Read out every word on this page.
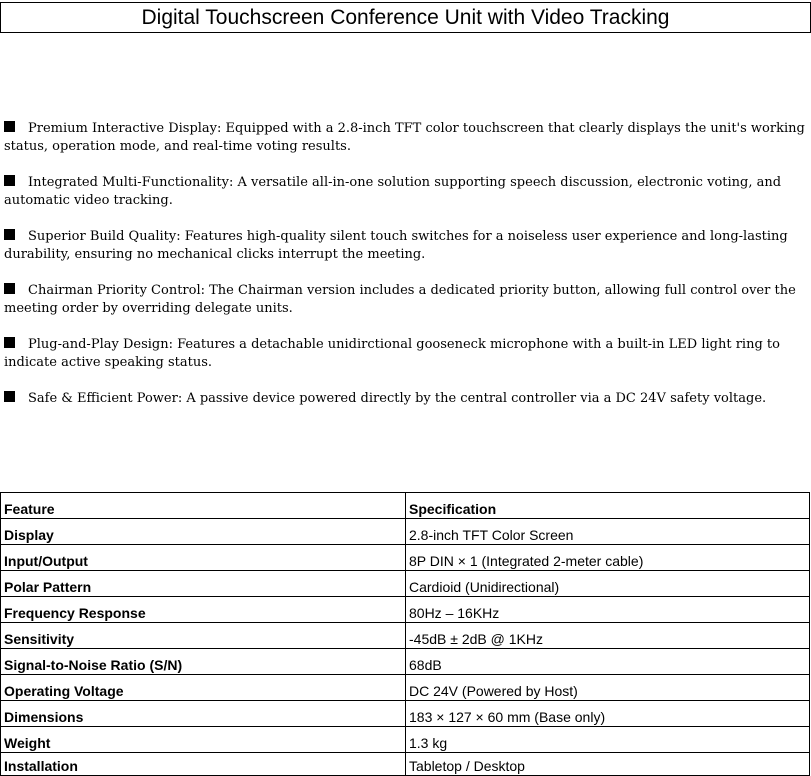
Digital Touchscreen Conference Unit with Video Tracking
Premium Interactive Display: Equipped with a 2.8-inch TFT color touchscreen that clearly displays the unit's working status, operation mode, and real-time voting results.
Integrated Multi-Functionality: A versatile all-in-one solution supporting speech discussion, electronic voting, and automatic video tracking.
Superior Build Quality: Features high-quality silent touch switches for a noiseless user experience and long-lasting durability, ensuring no mechanical clicks interrupt the meeting.
Chairman Priority Control: The Chairman version includes a dedicated priority button, allowing full control over the meeting order by overriding delegate units.
Plug-and-Play Design: Features a detachable unidirctional gooseneck microphone with a built-in LED light ring to indicate active speaking status.
Safe & Efficient Power: A passive device powered directly by the central controller via a DC 24V safety voltage.
Feature	Specification
Display	2.8-inch TFT Color Screen
Input/Output	8P DIN × 1 (Integrated 2-meter cable)
Polar Pattern	Cardioid (Unidirectional)
Frequency Response	80Hz – 16KHz
Sensitivity	-45dB ± 2dB @ 1KHz
Signal-to-Noise Ratio (S/N)	68dB
Operating Voltage	DC 24V (Powered by Host)
Dimensions	183 × 127 × 60 mm (Base only)
Weight	1.3 kg
Installation	Tabletop / Desktop
